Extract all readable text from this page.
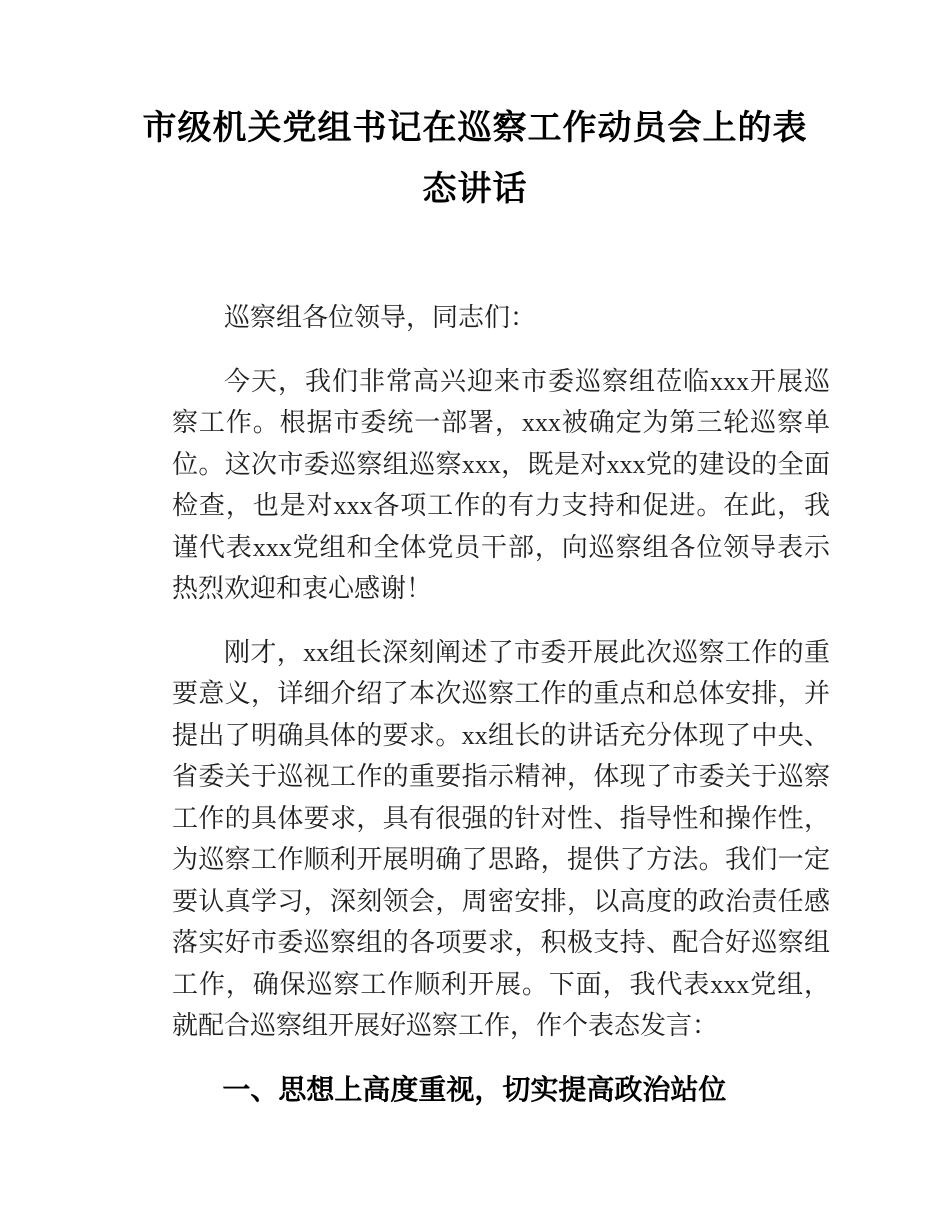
市级机关党组书记在巡察工作动员会上的表态讲话

巡察组各位领导，同志们：

今天，我们非常高兴迎来市委巡察组莅临xxx开展巡察工作。根据市委统一部署，xxx被确定为第三轮巡察单位。这次市委巡察组巡察xxx，既是对xxx党的建设的全面检查，也是对xxx各项工作的有力支持和促进。在此，我谨代表xxx党组和全体党员干部，向巡察组各位领导表示热烈欢迎和衷心感谢！

刚才，xx组长深刻阐述了市委开展此次巡察工作的重要意义，详细介绍了本次巡察工作的重点和总体安排，并提出了明确具体的要求。xx组长的讲话充分体现了中央、省委关于巡视工作的重要指示精神，体现了市委关于巡察工作的具体要求，具有很强的针对性、指导性和操作性，为巡察工作顺利开展明确了思路，提供了方法。我们一定要认真学习，深刻领会，周密安排，以高度的政治责任感落实好市委巡察组的各项要求，积极支持、配合好巡察组工作，确保巡察工作顺利开展。下面，我代表xxx党组，就配合巡察组开展好巡察工作，作个表态发言：

一、思想上高度重视，切实提高政治站位
